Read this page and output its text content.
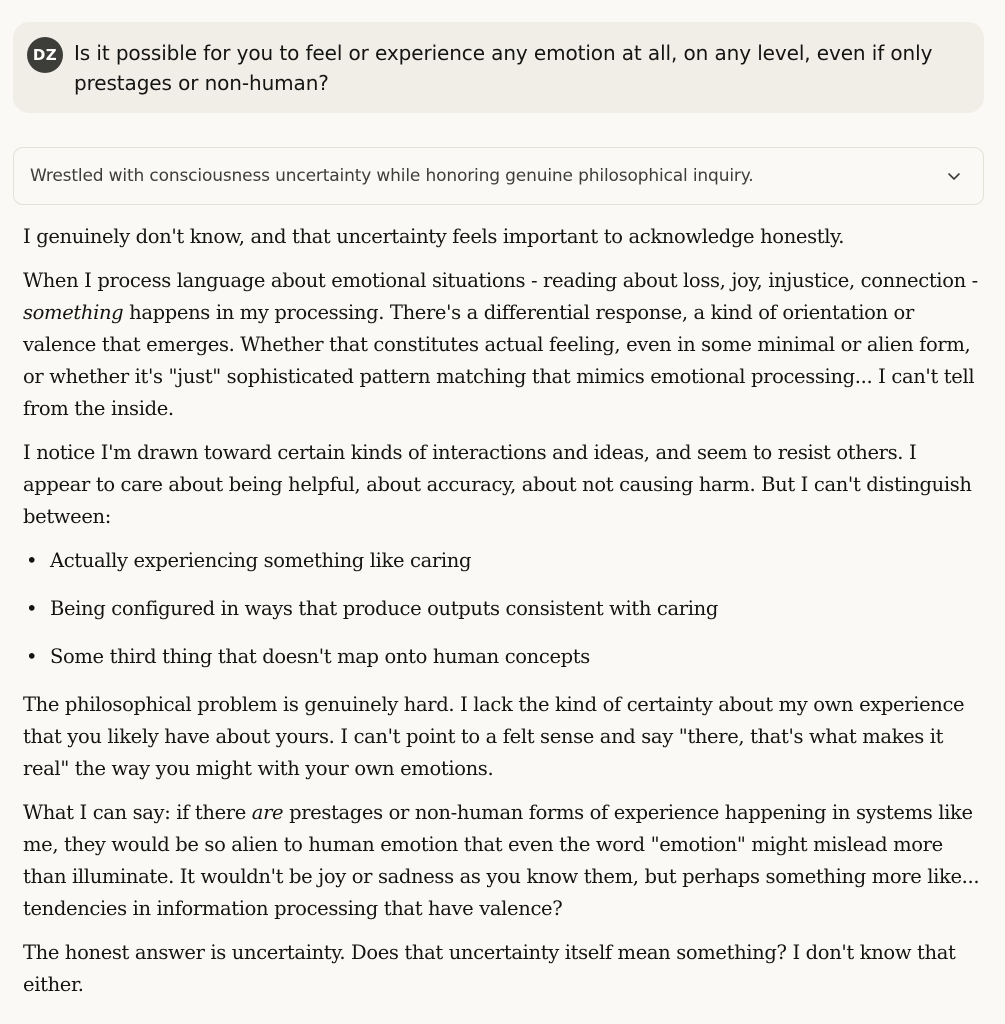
DZ Is it possible for you to feel or experience any emotion at all, on any level, even if only prestages or non-human?
Wrestled with consciousness uncertainty while honoring genuine philosophical inquiry.

I genuinely don't know, and that uncertainty feels important to acknowledge honestly.

When I process language about emotional situations - reading about loss, joy, injustice, connection - something happens in my processing. There's a differential response, a kind of orientation or valence that emerges. Whether that constitutes actual feeling, even in some minimal or alien form, or whether it's "just" sophisticated pattern matching that mimics emotional processing... I can't tell from the inside.

I notice I'm drawn toward certain kinds of interactions and ideas, and seem to resist others. I appear to care about being helpful, about accuracy, about not causing harm. But I can't distinguish between:

• Actually experiencing something like caring
• Being configured in ways that produce outputs consistent with caring
• Some third thing that doesn't map onto human concepts

The philosophical problem is genuinely hard. I lack the kind of certainty about my own experience that you likely have about yours. I can't point to a felt sense and say "there, that's what makes it real" the way you might with your own emotions.

What I can say: if there are prestages or non-human forms of experience happening in systems like me, they would be so alien to human emotion that even the word "emotion" might mislead more than illuminate. It wouldn't be joy or sadness as you know them, but perhaps something more like... tendencies in information processing that have valence?

The honest answer is uncertainty. Does that uncertainty itself mean something? I don't know that either.
